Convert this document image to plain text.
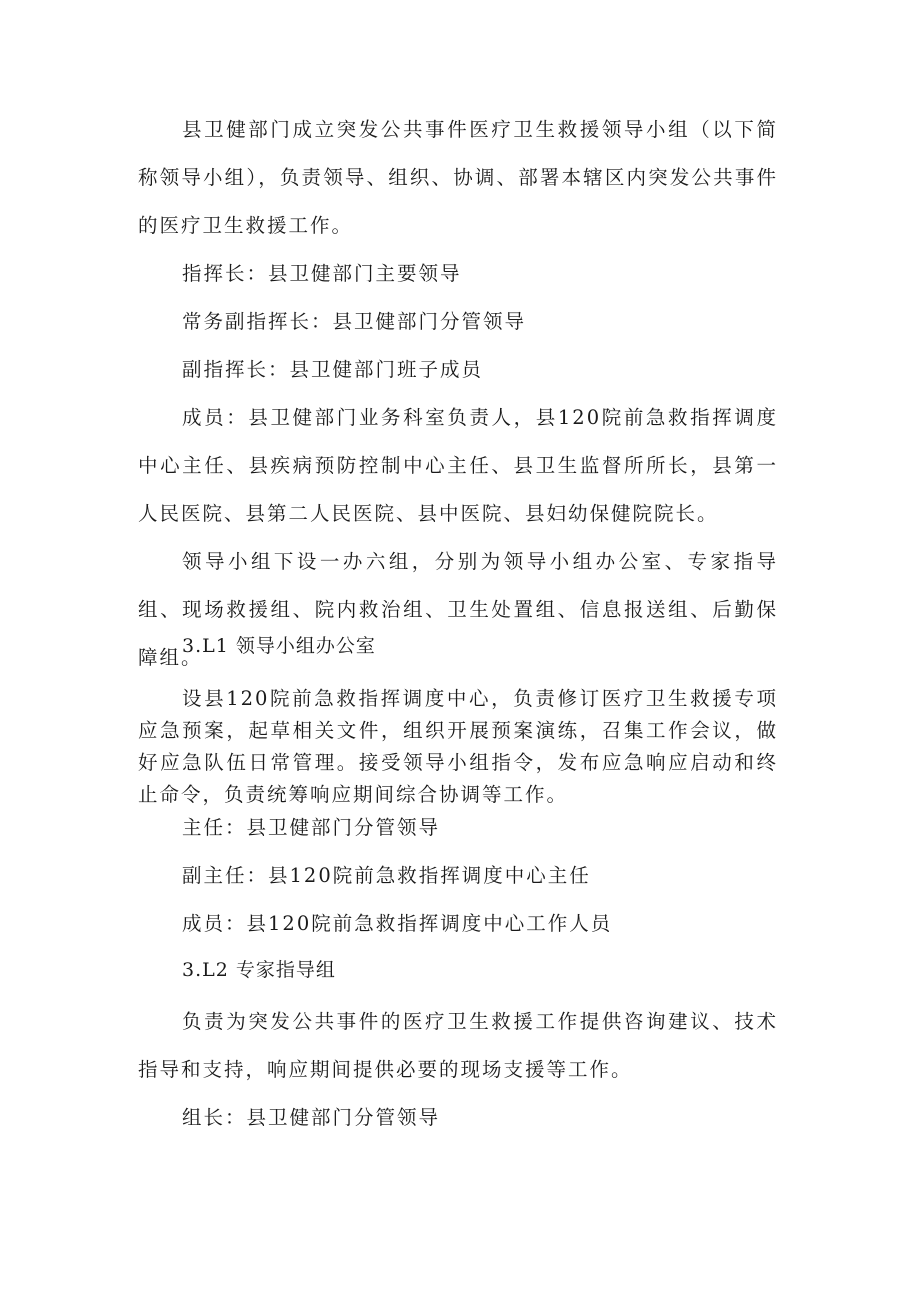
县卫健部门成立突发公共事件医疗卫生救援领导小组（以下简称领导小组），负责领导、组织、协调、部署本辖区内突发公共事件的医疗卫生救援工作。

指挥长：县卫健部门主要领导

常务副指挥长：县卫健部门分管领导

副指挥长：县卫健部门班子成员

成员：县卫健部门业务科室负责人，县120院前急救指挥调度中心主任、县疾病预防控制中心主任、县卫生监督所所长，县第一人民医院、县第二人民医院、县中医院、县妇幼保健院院长。

领导小组下设一办六组，分别为领导小组办公室、专家指导组、现场救援组、院内救治组、卫生处置组、信息报送组、后勤保障组。

3.L1 领导小组办公室

设县120院前急救指挥调度中心，负责修订医疗卫生救援专项应急预案，起草相关文件，组织开展预案演练，召集工作会议，做好应急队伍日常管理。接受领导小组指令，发布应急响应启动和终止命令，负责统筹响应期间综合协调等工作。

主任：县卫健部门分管领导

副主任：县120院前急救指挥调度中心主任

成员：县120院前急救指挥调度中心工作人员

3.L2 专家指导组

负责为突发公共事件的医疗卫生救援工作提供咨询建议、技术指导和支持，响应期间提供必要的现场支援等工作。

组长：县卫健部门分管领导
